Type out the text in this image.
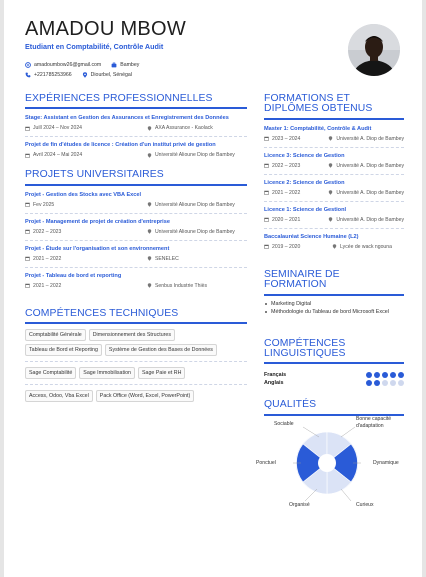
AMADOU MBOW
Etudiant en Comptabilité, Contrôle Audit
amadoumbow26@gmail.com	Bambey
+221785253966	Diourbel, Sénégal
EXPÉRIENCES PROFESSIONNELLES
Stage: Assistant en Gestion des Assurances et Enregistrement des Données
Juill 2024 – Nov 2024	AXA Assurance - Kaolack
Projet de fin d'études de licence : Création d'un institut privé de gestion
Avril 2024 – Mai 2024	Université Alioune Diop de Bambey
PROJETS UNIVERSITAIRES
Projet - Gestion des Stocks avec VBA Excel
Fev 2025	Université Alioune Diop de Bambey
Projet - Management de projet de création d'entreprise
2022 – 2023	Université Alioune Diop de Bambey
Projet - Étude sur l'organisation et son environnement
2021 – 2022	SENELEC
Projet - Tableau de bord et reporting
2021 – 2022	Senbus Industrie Thiès
COMPÉTENCES TECHNIQUES
Comptabilité Générale	Dimensionnement des Structures
Tableau de Bord et Reporting	Système de Gestion des Bases de Données
Sage Comptabilité	Sage Immobilisation	Sage Paie et RH
Access, Odoo, Vba Excel	Pack Office (Word, Excel, PowerPoint)
FORMATIONS ET
DIPLÔMES OBTENUS
Master 1: Comptabilité, Contrôle & Audit
2023 – 2024	Université A. Diop de Bambey
Licence 3: Science de Gestion
2022 – 2023	Université A. Diop de Bambey
Licence 2: Science de Gestion
2021 – 2022	Université A. Diop de Bambey
Licence 1: Science de Gestionl
2020 – 2021	Université A. Diop de Bambey
Baccalauréat Science Humaine (L2)
2019 – 2020	Lycée de wack ngouna
SEMINAIRE DE
FORMATION
Marketing Digital
Méthodologie du Tableau de bord Microsoft Excel
COMPÉTENCES
LINGUISTIQUES
Français
Anglais
QUALITÉS
Sociable
Bonne capacité
d'adaptation
Ponctuel	Dynamique
Organisé	Curieux
